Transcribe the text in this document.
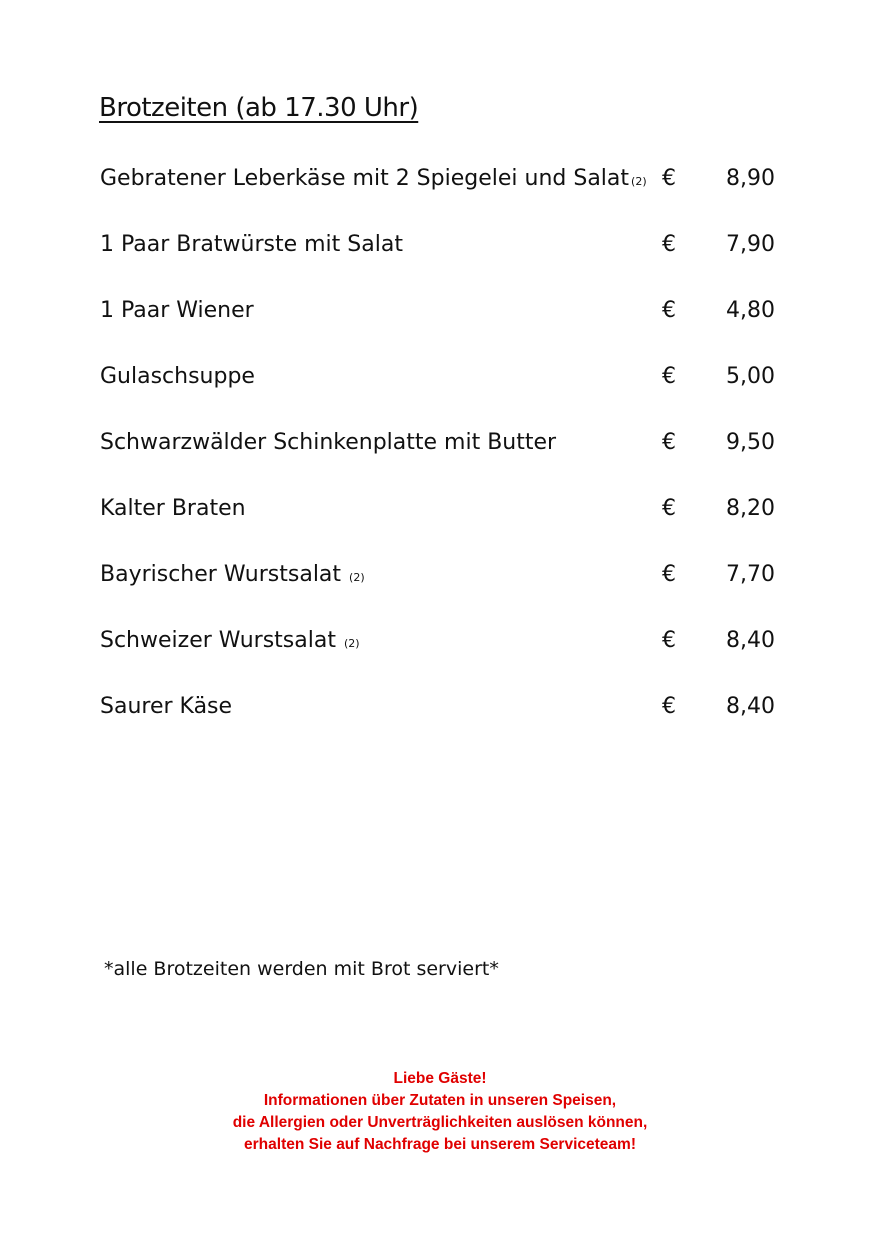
Brotzeiten (ab 17.30 Uhr)
Gebratener Leberkäse mit 2 Spiegelei und Salat (2) €	8,90
1 Paar Bratwürste mit Salat	€	7,90
1 Paar Wiener	€	4,80
Gulaschsuppe	€	5,00
Schwarzwälder Schinkenplatte mit Butter	€	9,50
Kalter Braten	€	8,20
Bayrischer Wurstsalat (2)	€	7,70
Schweizer Wurstsalat (2)	€	8,40
Saurer Käse	€	8,40
*alle Brotzeiten werden mit Brot serviert*
Liebe Gäste!
Informationen über Zutaten in unseren Speisen,
die Allergien oder Unverträglichkeiten auslösen können,
erhalten Sie auf Nachfrage bei unserem Serviceteam!
